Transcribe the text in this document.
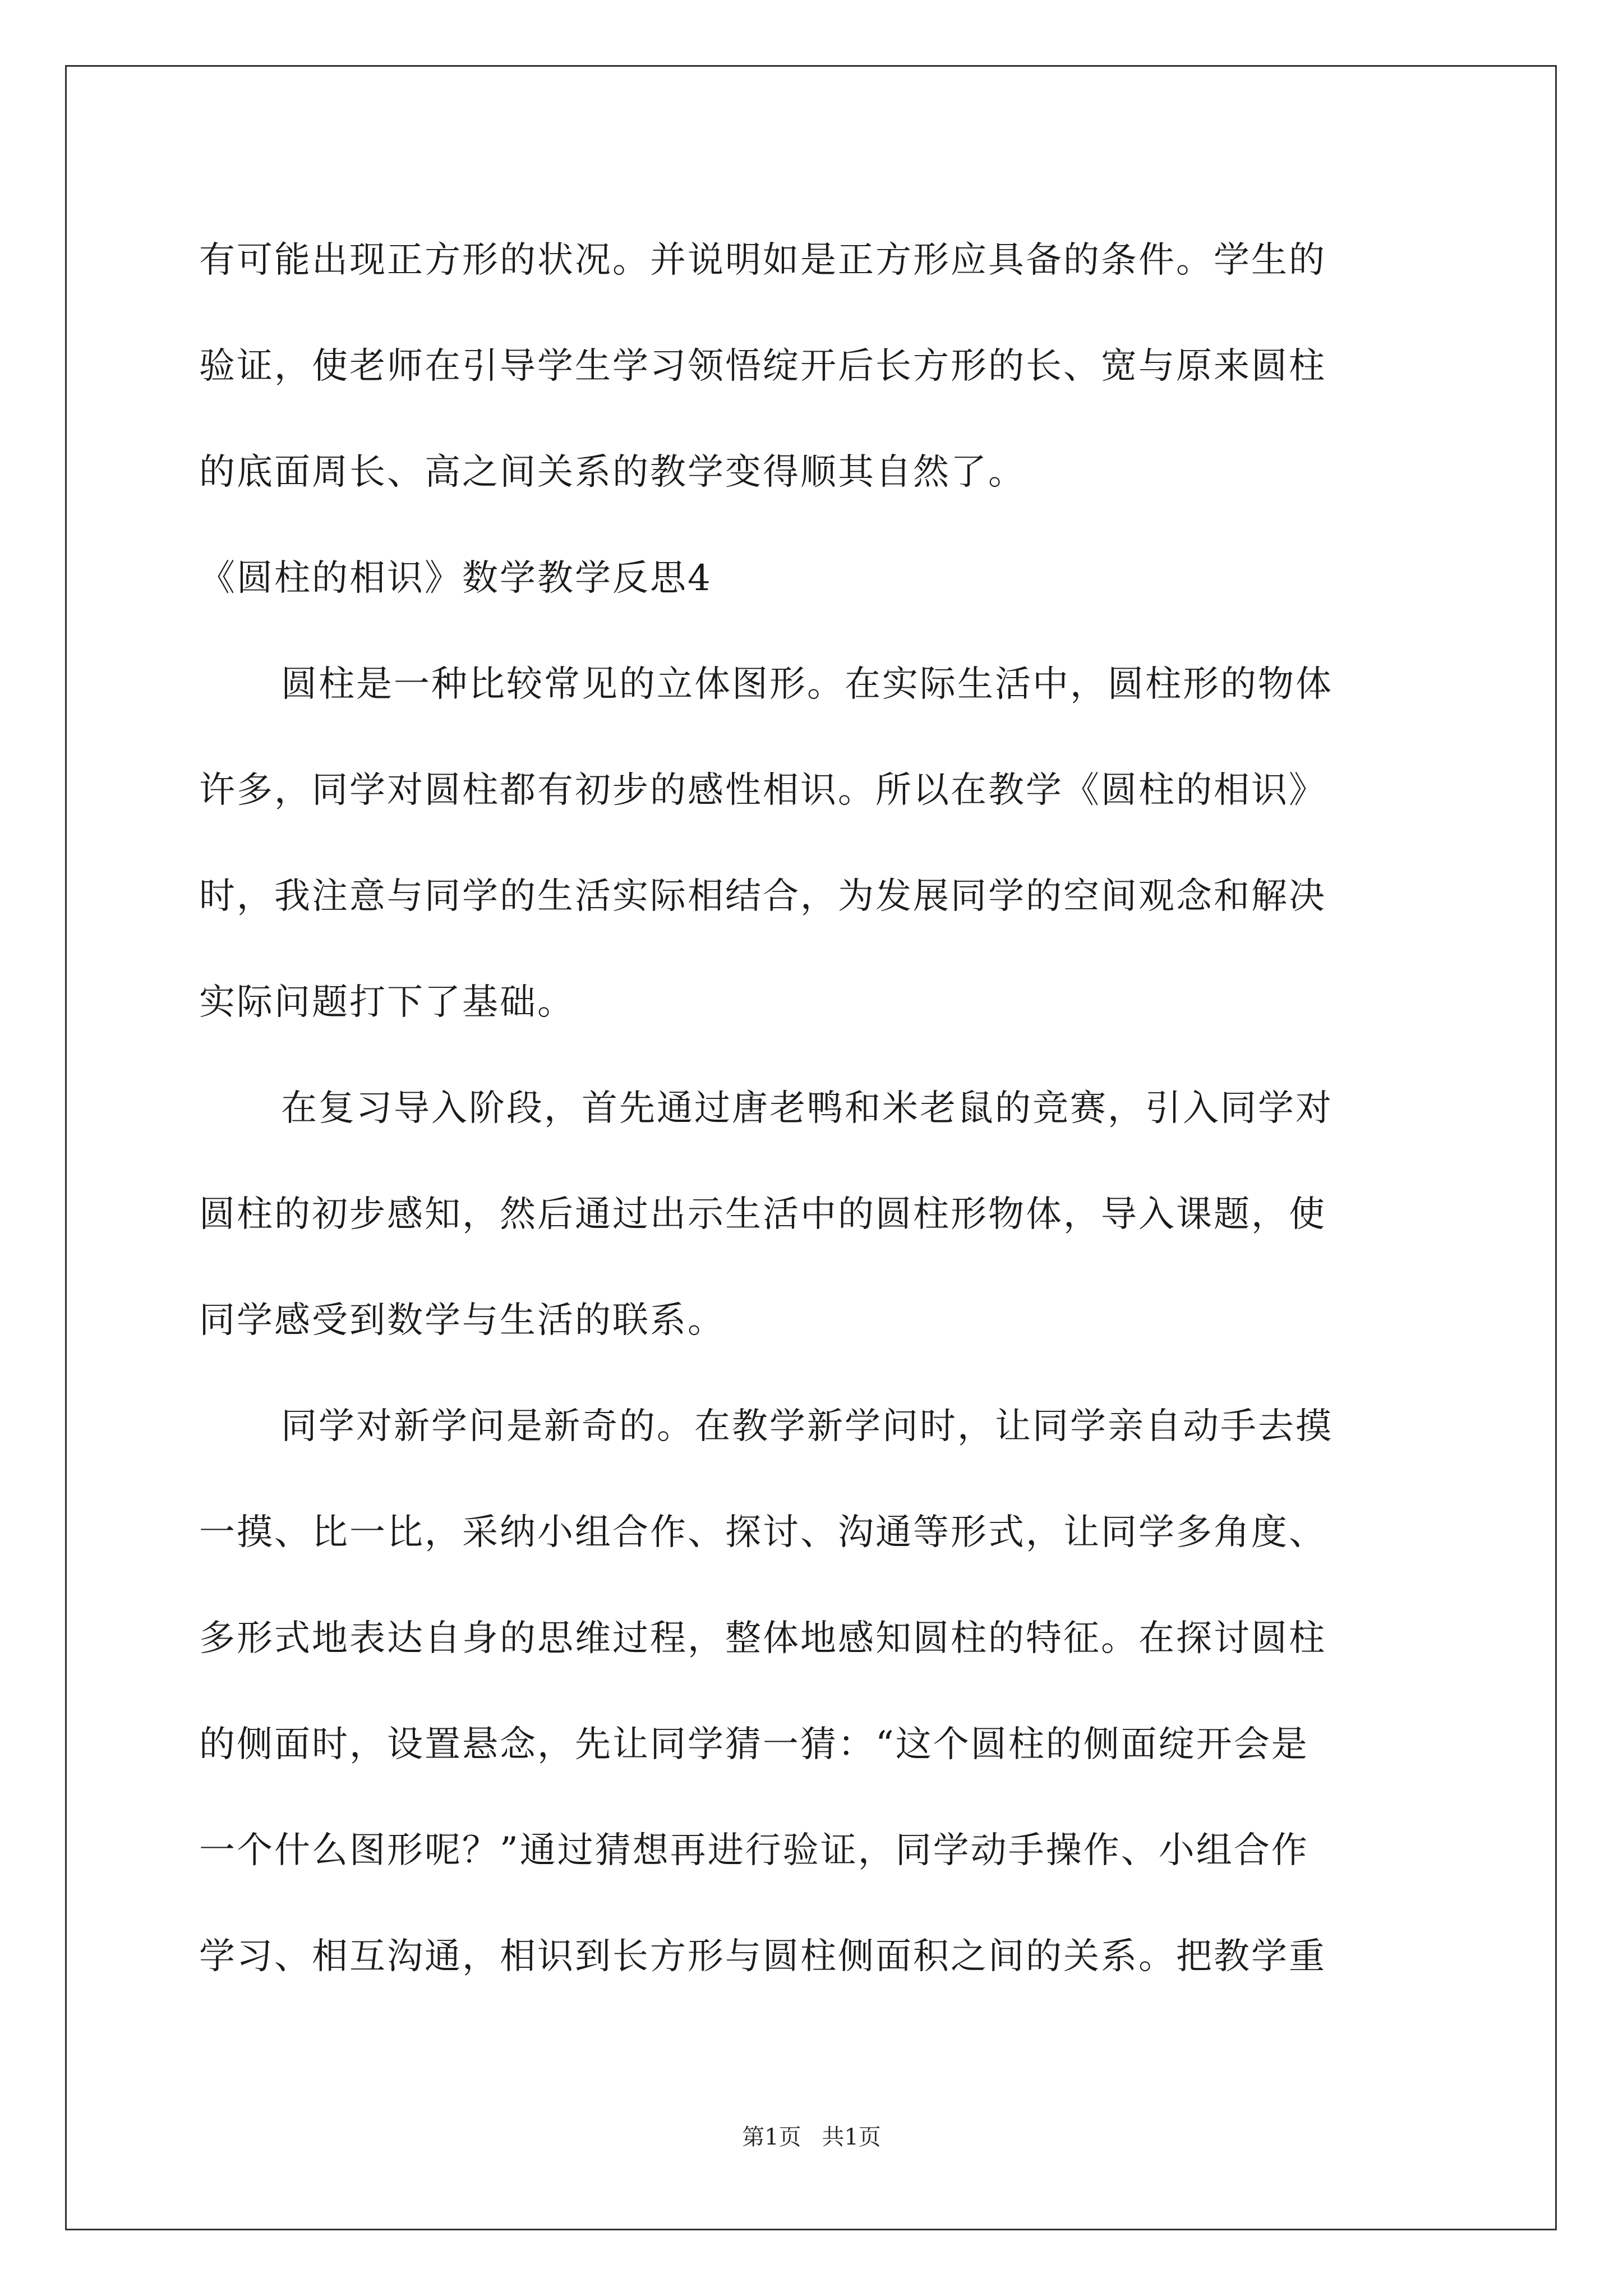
有可能出现正方形的状况。并说明如是正方形应具备的条件。学生的
验证，使老师在引导学生学习领悟绽开后长方形的长、宽与原来圆柱
的底面周长、高之间关系的教学变得顺其自然了。
《圆柱的相识》数学教学反思4
圆柱是一种比较常见的立体图形。在实际生活中，圆柱形的物体
许多，同学对圆柱都有初步的感性相识。所以在教学《圆柱的相识》
时，我注意与同学的生活实际相结合，为发展同学的空间观念和解决
实际问题打下了基础。
在复习导入阶段，首先通过唐老鸭和米老鼠的竞赛，引入同学对
圆柱的初步感知，然后通过出示生活中的圆柱形物体，导入课题，使
同学感受到数学与生活的联系。
同学对新学问是新奇的。在教学新学问时，让同学亲自动手去摸
一摸、比一比，采纳小组合作、探讨、沟通等形式，让同学多角度、
多形式地表达自身的思维过程，整体地感知圆柱的特征。在探讨圆柱
的侧面时，设置悬念，先让同学猜一猜：“这个圆柱的侧面绽开会是
一个什么图形呢？”通过猜想再进行验证，同学动手操作、小组合作
学习、相互沟通，相识到长方形与圆柱侧面积之间的关系。把教学重
第1页 共1页
